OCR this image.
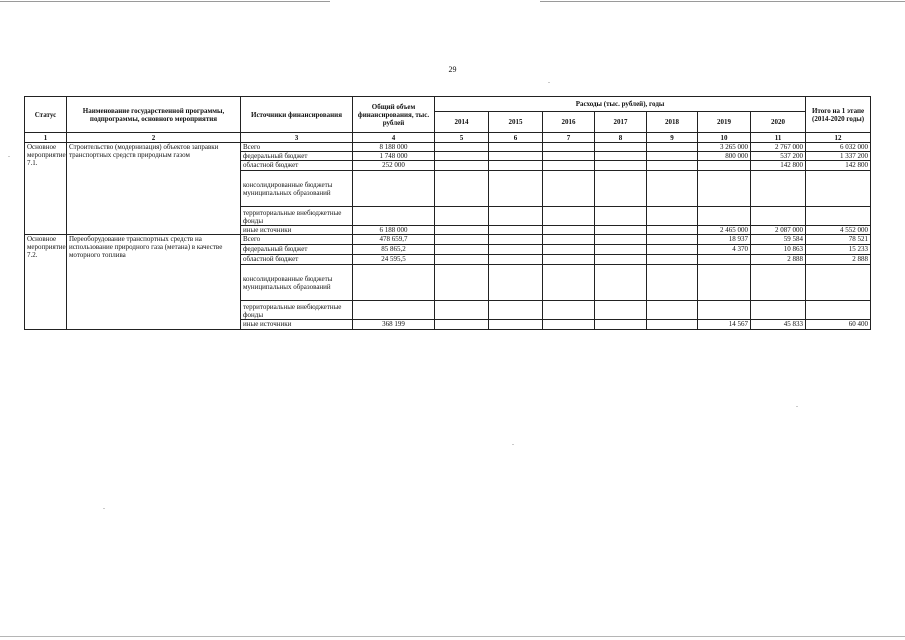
29
.
.
.
.
.
Статус	Наименование государственной программы, подпрограммы, основного мероприятия	Источники финансирования	Общий объем финансирования, тыс. рублей	Расходы (тыс. рублей), годы							Итого на 1 этапе (2014-2020 годы)
				2014	2015	2016	2017	2018	2019	2020	
1	2	3	4	5	6	7	8	9	10	11	12
Основное мероприятие 7.1.	Строительство (модернизация) объектов заправки транспортных средств природным газом	Всего	8 188 000						3 265 000	2 767 000	6 032 000
		федеральный бюджет	1 748 000						800 000	537 200	1 337 200
		областной бюджет	252 000							142 800	142 800
		консолидированные бюджеты муниципальных образований									
		территориальные внебюджетные фонды									
		иные источники	6 188 000						2 465 000	2 087 000	4 552 000
Основное мероприятие 7.2.	Переоборудование транспортных средств на использование природного газа (метана) в качестве моторного топлива	Всего	478 659,7						18 937	59 584	78 521
		федеральный бюджет	85 865,2						4 370	10 863	15 233
		областной бюджет	24 595,5							2 888	2 888
		консолидированные бюджеты муниципальных образований									
		территориальные внебюджетные фонды									
		иные источники	368 199						14 567	45 833	60 400
